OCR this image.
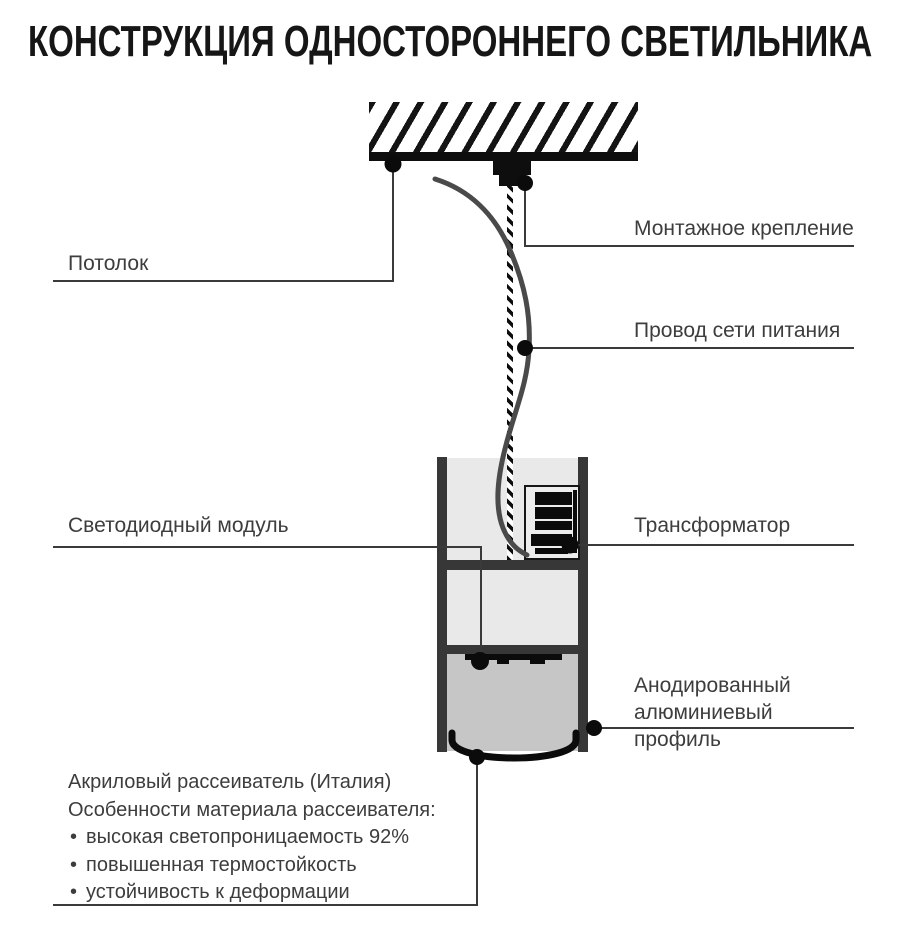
КОНСТРУКЦИЯ ОДНОСТОРОННЕГО СВЕТИЛЬНИКА
Потолок
Монтажное крепление
Провод сети питания
Светодиодный модуль	Трансформатор
Анодированный алюминиевый профиль
Акриловый рассеиватель (Италия)
Особенности материала рассеивателя:
• высокая светопроницаемость 92%
• повышенная термостойкость
• устойчивость к деформации
